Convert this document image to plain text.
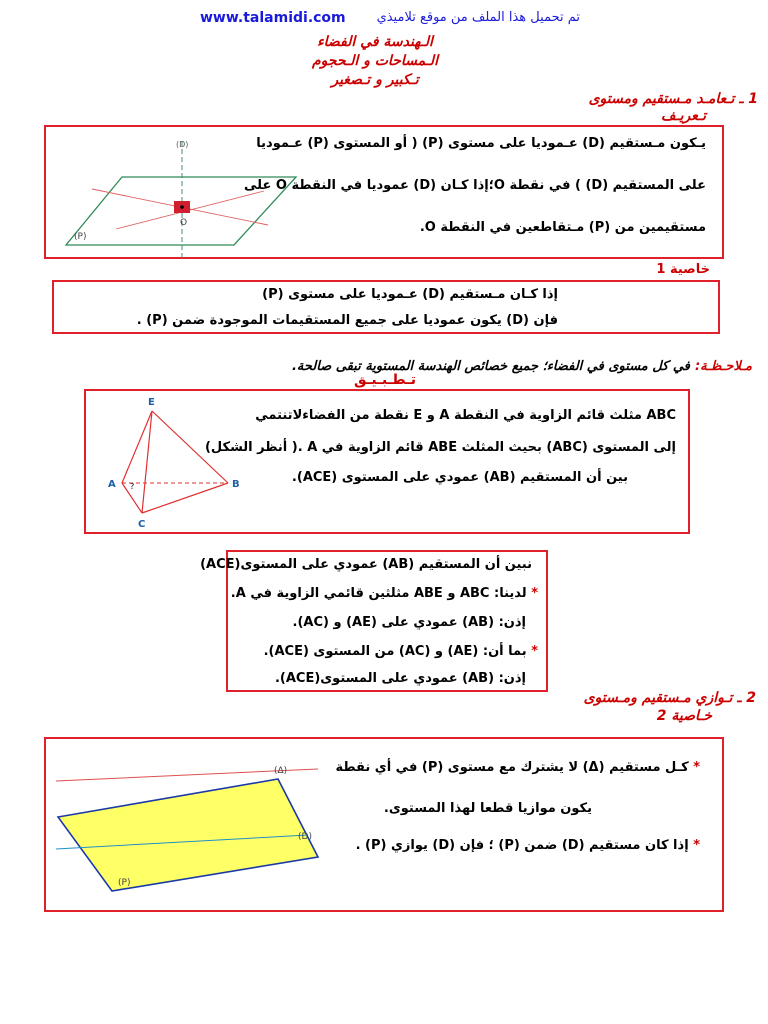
www.talamidi.com تم تحميل هذا الملف من موقع تلاميذي
الـهندسة في الفضاء
الـمساحات و الـحجوم
تـكبير و تـصغير
1 ـ تـعامـد مـستقيم ومستوى
تـعريـف
(D)
O
(P)
يـكون مـستقيم (D) عـموديا على مستوى (P) ( أو المستوى (P) عـموديا
على المستقيم (D) ) في نقطة O؛إذا كـان (D) عموديا في النقطة O على
مستقيمين من (P) مـتقاطعين في النقطة O.
خاصية 1
إذا كـان مـستقيم (D) عـموديا على مستوى (P)
فإن (D) يكون عموديا على جميع المستقيمات الموجودة ضمن (P) .
مـلاحـظـة: في كل مستوى في الفضاء؛ جميع خصائص الهندسة المستوية تبقى صالحة.
تـطـبـيـق
?
E
A	B
C
ABC مثلث قائم الزاوية في النقطة A و E نقطة من الفضاءلاتنتمي
إلى المستوى (ABC) بحيث المثلث ABE قائم الزاوية في A .( أنظر الشكل)
بين أن المستقيم (AB) عمودي على المستوى (ACE).
نبين أن المستقيم (AB) عمودي على المستوى(ACE)
* لدينا: ABC و ABE مثلثين قائمي الزاوية في A.
إذن: (AB) عمودي على (AE) و (AC).
* بما أن: (AE) و (AC) من المستوى (ACE).
إذن: (AB) عمودي على المستوى(ACE).
2 ـ تـوازي مـستقيم ومـستوى
خـاصية 2
(Δ)
(D)
(P)
* كـل مستقيم (Δ) لا يشترك مع مستوى (P) في أي نقطة
يكون موازيا قطعا لهذا المستوى.
* إذا كان مستقيم (D) ضمن (P) ؛ فإن (D) يوازي (P) .
